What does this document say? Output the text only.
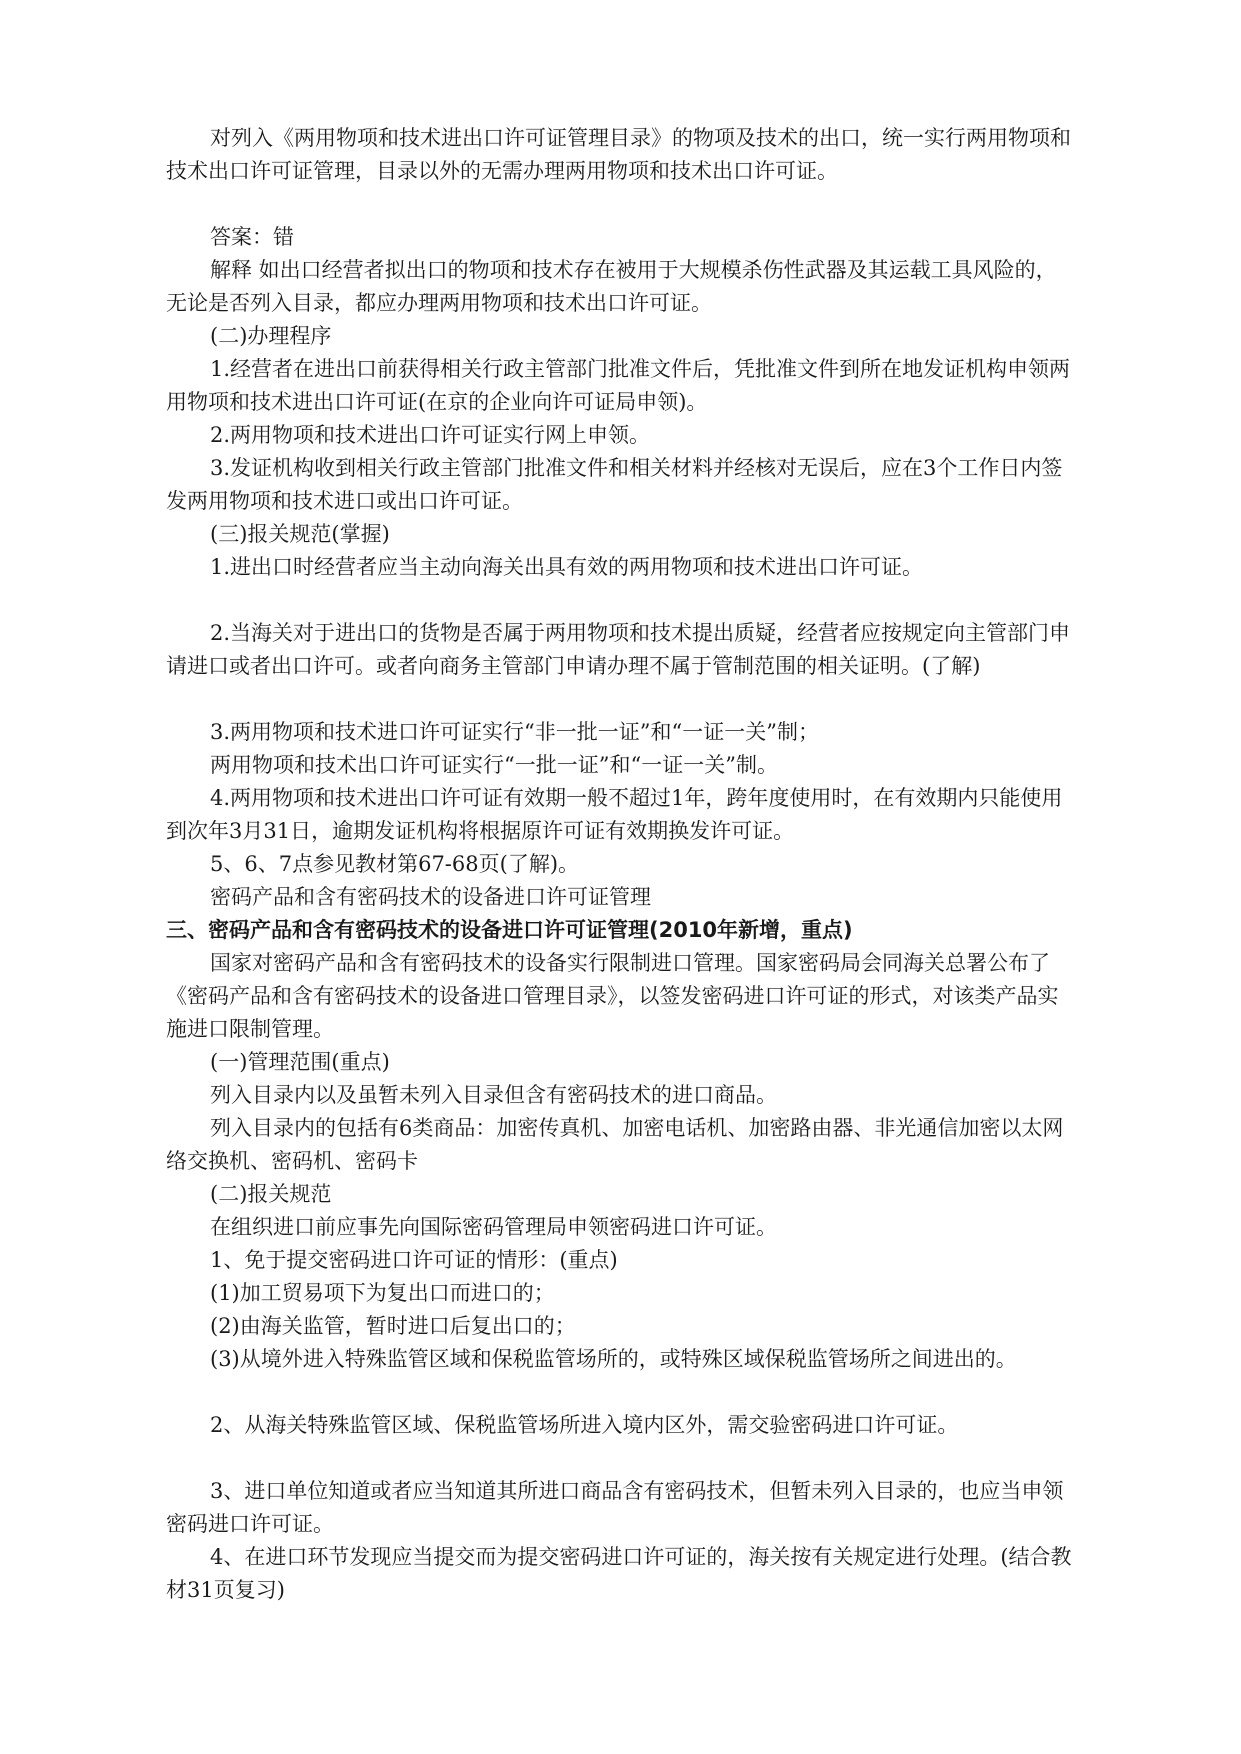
对列入《两用物项和技术进出口许可证管理目录》的物项及技术的出口，统一实行两用物项和技术出口许可证管理，目录以外的无需办理两用物项和技术出口许可证。

答案：错

解释 如出口经营者拟出口的物项和技术存在被用于大规模杀伤性武器及其运载工具风险的，无论是否列入目录，都应办理两用物项和技术出口许可证。

(二)办理程序

1.经营者在进出口前获得相关行政主管部门批准文件后，凭批准文件到所在地发证机构申领两用物项和技术进出口许可证(在京的企业向许可证局申领)。

2.两用物项和技术进出口许可证实行网上申领。

3.发证机构收到相关行政主管部门批准文件和相关材料并经核对无误后，应在3个工作日内签发两用物项和技术进口或出口许可证。

(三)报关规范(掌握)

1.进出口时经营者应当主动向海关出具有效的两用物项和技术进出口许可证。

2.当海关对于进出口的货物是否属于两用物项和技术提出质疑，经营者应按规定向主管部门申请进口或者出口许可。或者向商务主管部门申请办理不属于管制范围的相关证明。(了解)

3.两用物项和技术进口许可证实行“非一批一证”和“一证一关”制；

两用物项和技术出口许可证实行“一批一证”和“一证一关”制。

4.两用物项和技术进出口许可证有效期一般不超过1年，跨年度使用时，在有效期内只能使用到次年3月31日，逾期发证机构将根据原许可证有效期换发许可证。

5、6、7点参见教材第67-68页(了解)。

密码产品和含有密码技术的设备进口许可证管理

三、密码产品和含有密码技术的设备进口许可证管理(2010年新增，重点)

国家对密码产品和含有密码技术的设备实行限制进口管理。国家密码局会同海关总署公布了《密码产品和含有密码技术的设备进口管理目录》，以签发密码进口许可证的形式，对该类产品实施进口限制管理。

(一)管理范围(重点)

列入目录内以及虽暂未列入目录但含有密码技术的进口商品。

列入目录内的包括有6类商品：加密传真机、加密电话机、加密路由器、非光通信加密以太网络交换机、密码机、密码卡

(二)报关规范

在组织进口前应事先向国际密码管理局申领密码进口许可证。

1、免于提交密码进口许可证的情形：(重点)

(1)加工贸易项下为复出口而进口的；

(2)由海关监管，暂时进口后复出口的；

(3)从境外进入特殊监管区域和保税监管场所的，或特殊区域保税监管场所之间进出的。

2、从海关特殊监管区域、保税监管场所进入境内区外，需交验密码进口许可证。

3、进口单位知道或者应当知道其所进口商品含有密码技术，但暂未列入目录的，也应当申领密码进口许可证。

4、在进口环节发现应当提交而为提交密码进口许可证的，海关按有关规定进行处理。(结合教材31页复习)
